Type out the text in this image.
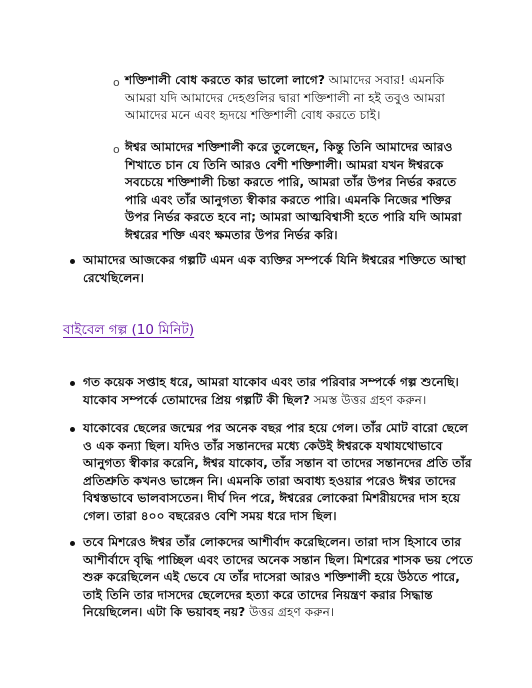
o শক্তিশালী বোধ করতে কার ভালো লাগে? আমাদের সবার! এমনকি আমরা যদি আমাদের দেহগুলির দ্বারা শক্তিশালী না হই তবুও আমরা আমাদের মনে এবং হৃদয়ে শক্তিশালী বোধ করতে চাই।

o ঈশ্বর আমাদের শক্তিশালী করে তুলেছেন, কিন্তু তিনি আমাদের আরও শিখাতে চান যে তিনি আরও বেশী শক্তিশালী। আমরা যখন ঈশ্বরকে সবচেয়ে শক্তিশালী চিন্তা করতে পারি, আমরা তাঁর উপর নির্ভর করতে পারি এবং তাঁর আনুগত্য স্বীকার করতে পারি। এমনকি নিজের শক্তির উপর নির্ভর করতে হবে না; আমরা আত্মবিশ্বাসী হতে পারি যদি আমরা ঈশ্বরের শক্তি এবং ক্ষমতার উপর নির্ভর করি।

আমাদের আজকের গল্পটি এমন এক ব্যক্তির সম্পর্কে যিনি ঈশ্বরের শক্তিতে আস্থা রেখেছিলেন।

বাইবেল গল্প (10 মিনিট)

গত কয়েক সপ্তাহ ধরে, আমরা যাকোব এবং তার পরিবার সম্পর্কে গল্প শুনেছি। যাকোব সম্পর্কে তোমাদের প্রিয় গল্পটি কী ছিল? সমস্ত উত্তর গ্রহণ করুন।

যাকোবের ছেলের জন্মের পর অনেক বছর পার হয়ে গেল। তাঁর মোট বারো ছেলে ও এক কন্যা ছিল। যদিও তাঁর সন্তানদের মধ্যে কেউই ঈশ্বরকে যথাযথোভাবে আনুগত্য স্বীকার করেনি, ঈশ্বর যাকোব, তাঁর সন্তান বা তাদের সন্তানদের প্রতি তাঁর প্রতিশ্রুতি কখনও ভাঙ্গেন নি। এমনকি তারা অবাধ্য হওয়ার পরেও ঈশ্বর তাদের বিশ্বস্তভাবে ভালবাসতেন। দীর্ঘ দিন পরে, ঈশ্বরের লোকেরা মিশরীয়দের দাস হয়ে গেল। তারা ৪০০ বছরেরও বেশি সময় ধরে দাস ছিল।

তবে মিশরেও ঈশ্বর তাঁর লোকদের আশীর্বাদ করেছিলেন। তারা দাস হিসাবে তার আশীর্বাদে বৃদ্ধি পাচ্ছিল এবং তাদের অনেক সন্তান ছিল। মিশরের শাসক ভয় পেতে শুরু করেছিলেন এই ভেবে যে তাঁর দাসেরা আরও শক্তিশালী হয়ে উঠতে পারে, তাই তিনি তার দাসদের ছেলেদের হত্যা করে তাদের নিয়ন্ত্রণ করার সিদ্ধান্ত নিয়েছিলেন। এটা কি ভয়াবহ নয়? উত্তর গ্রহণ করুন।
